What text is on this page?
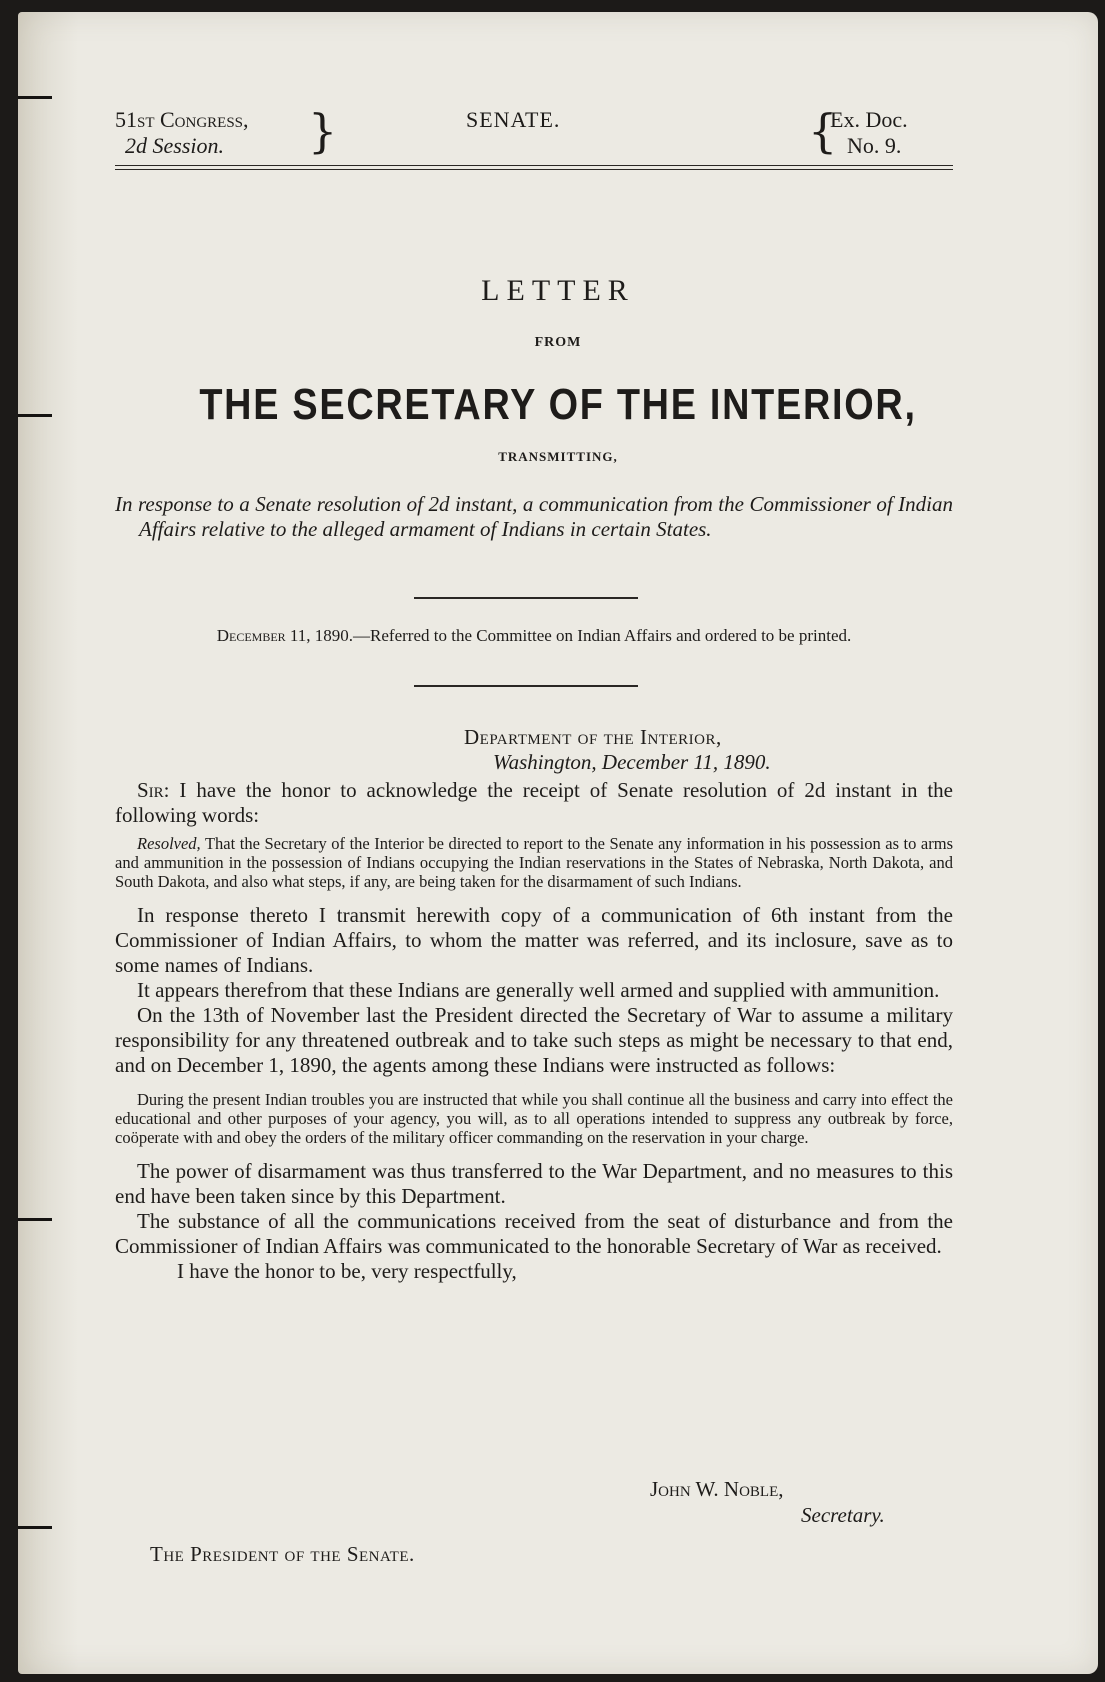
51st Congress,
2d Session. }	SENATE.	{
Ex. Doc.
No. 9.
LETTER
FROM
THE SECRETARY OF THE INTERIOR,
TRANSMITTING,
In response to a Senate resolution of 2d instant, a communication from the Commissioner of Indian Affairs relative to the alleged armament of Indians in certain States.
December 11, 1890.—Referred to the Committee on Indian Affairs and ordered to be printed.
Department of the Interior,
Washington, December 11, 1890.

Sir: I have the honor to acknowledge the receipt of Senate resolution of 2d instant in the following words:

Resolved, That the Secretary of the Interior be directed to report to the Senate any information in his possession as to arms and ammunition in the possession of Indians occupying the Indian reservations in the States of Nebraska, North Dakota, and South Dakota, and also what steps, if any, are being taken for the disarmament of such Indians.

In response thereto I transmit herewith copy of a communication of 6th instant from the Commissioner of Indian Affairs, to whom the matter was referred, and its inclosure, save as to some names of Indians.

It appears therefrom that these Indians are generally well armed and supplied with ammunition.

On the 13th of November last the President directed the Secretary of War to assume a military responsibility for any threatened outbreak and to take such steps as might be necessary to that end, and on December 1, 1890, the agents among these Indians were instructed as follows:

During the present Indian troubles you are instructed that while you shall continue all the business and carry into effect the educational and other purposes of your agency, you will, as to all operations intended to suppress any outbreak by force, coöperate with and obey the orders of the military officer commanding on the reservation in your charge.

The power of disarmament was thus transferred to the War Department, and no measures to this end have been taken since by this Department.

The substance of all the communications received from the seat of disturbance and from the Commissioner of Indian Affairs was communicated to the honorable Secretary of War as received.

I have the honor to be, very respectfully,

John W. Noble,
Secretary.
The President of the Senate.
